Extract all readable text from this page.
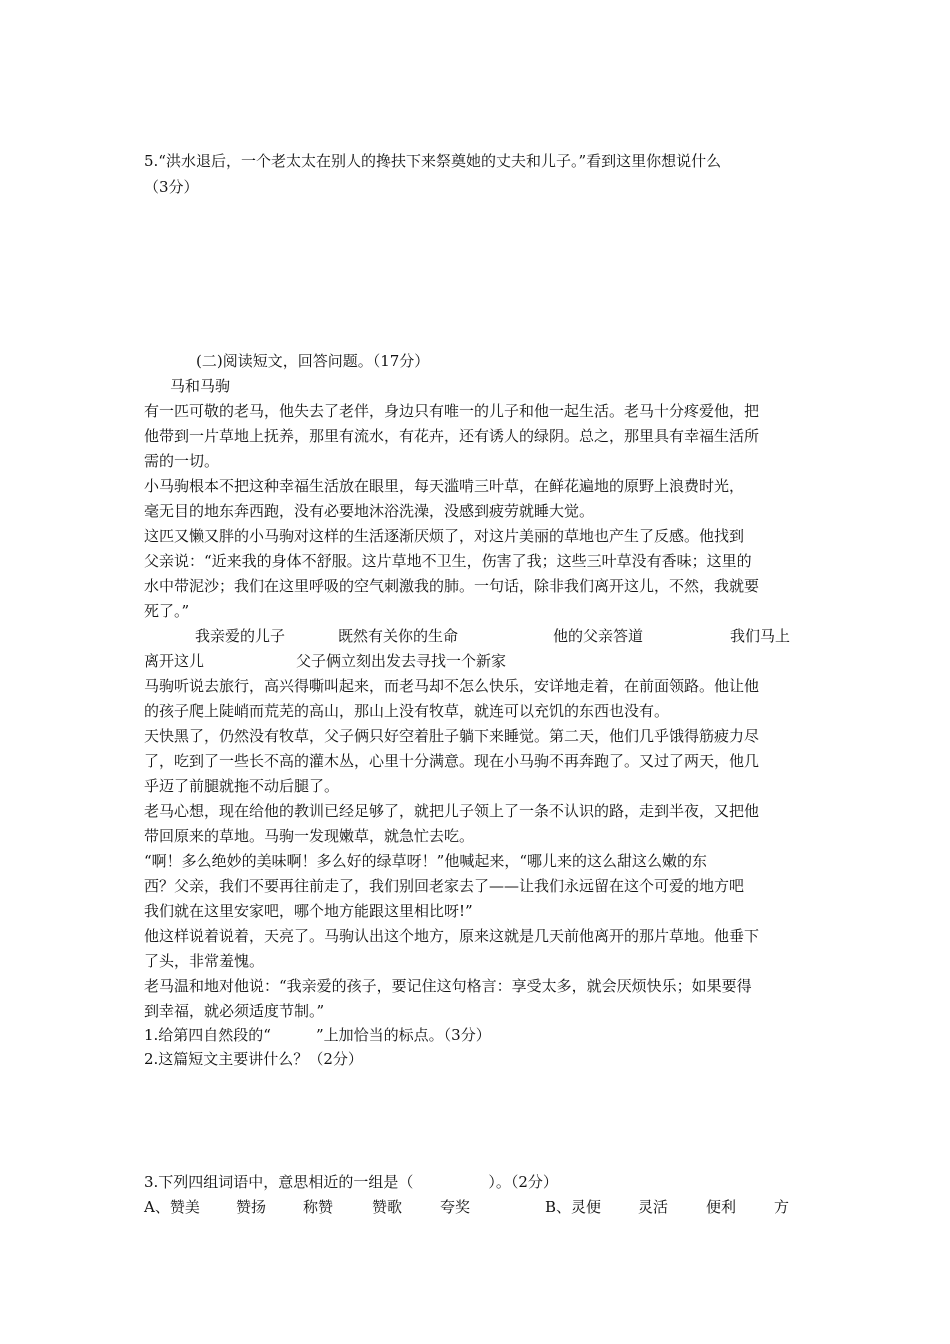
5.“洪水退后，一个老太太在别人的搀扶下来祭奠她的丈夫和儿子。”看到这里你想说什么
（3分）
(二)阅读短文，回答问题。（17分）
马和马驹
有一匹可敬的老马，他失去了老伴，身边只有唯一的儿子和他一起生活。老马十分疼爱他，把
他带到一片草地上抚养，那里有流水，有花卉，还有诱人的绿阴。总之，那里具有幸福生活所
需的一切。
小马驹根本不把这种幸福生活放在眼里，每天滥啃三叶草，在鲜花遍地的原野上浪费时光，
毫无目的地东奔西跑，没有必要地沐浴洗澡，没感到疲劳就睡大觉。
这匹又懒又胖的小马驹对这样的生活逐渐厌烦了，对这片美丽的草地也产生了反感。他找到
父亲说：“近来我的身体不舒服。这片草地不卫生，伤害了我；这些三叶草没有香味；这里的
水中带泥沙；我们在这里呼吸的空气刺激我的肺。一句话，除非我们离开这儿，不然，我就要
死了。”
我亲爱的儿子	既然有关你的生命	他的父亲答道	我们马上
离开这儿	父子俩立刻出发去寻找一个新家
马驹听说去旅行，高兴得嘶叫起来，而老马却不怎么快乐，安详地走着，在前面领路。他让他
的孩子爬上陡峭而荒芜的高山，那山上没有牧草，就连可以充饥的东西也没有。
天快黑了，仍然没有牧草，父子俩只好空着肚子躺下来睡觉。第二天，他们几乎饿得筋疲力尽
了，吃到了一些长不高的灌木丛，心里十分满意。现在小马驹不再奔跑了。又过了两天，他几
乎迈了前腿就拖不动后腿了。
老马心想，现在给他的教训已经足够了，就把儿子领上了一条不认识的路，走到半夜，又把他
带回原来的草地。马驹一发现嫩草，就急忙去吃。
“啊！多么绝妙的美味啊！多么好的绿草呀！”他喊起来，“哪儿来的这么甜这么嫩的东
西？父亲，我们不要再往前走了，我们别回老家去了——让我们永远留在这个可爱的地方吧
我们就在这里安家吧，哪个地方能跟这里相比呀!”
他这样说着说着，天亮了。马驹认出这个地方，原来这就是几天前他离开的那片草地。他垂下
了头，非常羞愧。
老马温和地对他说：“我亲爱的孩子，要记住这句格言：享受太多，就会厌烦快乐；如果要得
到幸福，就必须适度节制。”
1.给第四自然段的“　　　”上加恰当的标点。（3分）
2.这篇短文主要讲什么？（2分）
3.下列四组词语中，意思相近的一组是（　　　　　）。（2分）
A、赞美 赞扬 称赞	赞歌	夸奖	B、灵便 灵活	便利	方
